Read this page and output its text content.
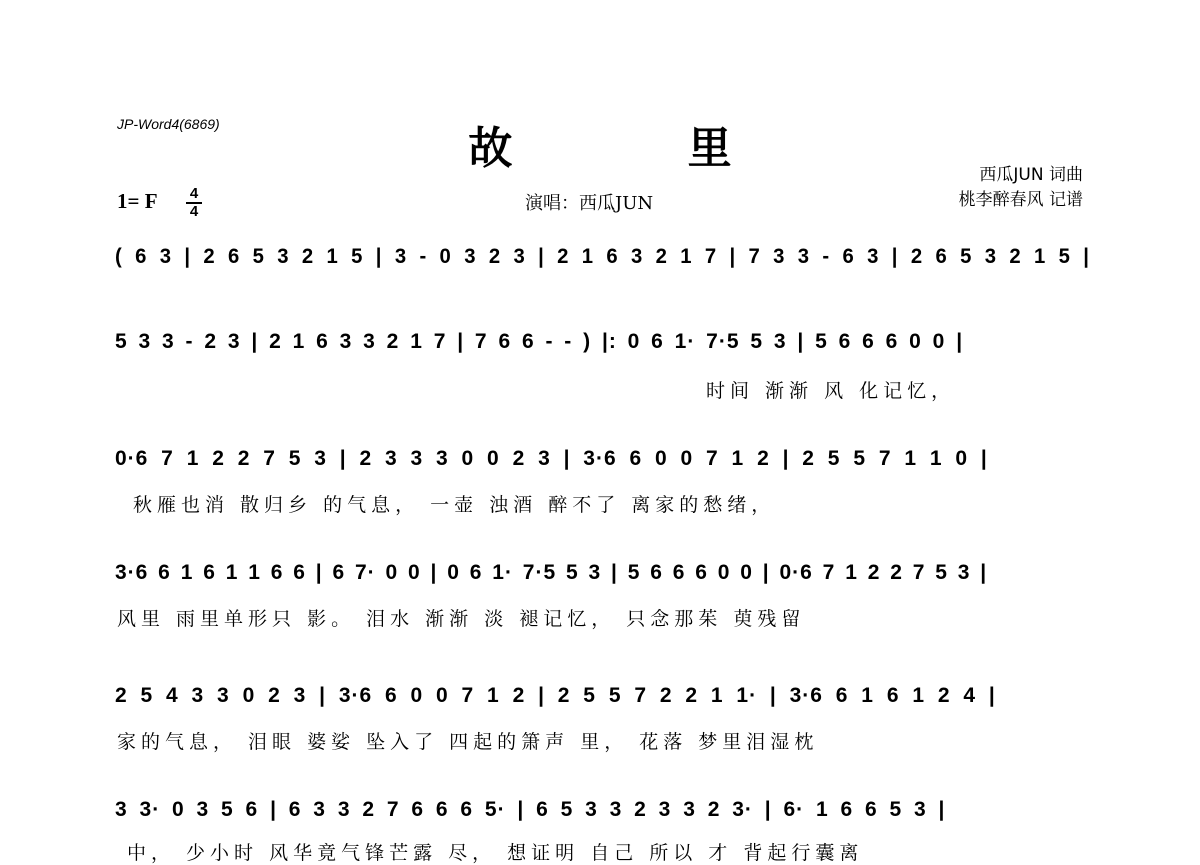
JP-Word4(6869)	故 里
西瓜JUN 词曲
桃李醉春风 记谱
1= F	4
4	演唱：西瓜JUN
( 6 3 | 2 6 5 3 2 1 5 | 3 - 0 3 2 3 | 2 1 6 3 2 1 7 | 7 3 3 - 6 3 | 2 6 5 3 2 1 5 |
5 3 3 - 2 3 | 2 1 6 3 3 2 1 7 | 7 6 6 - - ) |: 0 6 1· 7·5 5 3 | 5 6 6 6 0 0 |
时间 渐渐 风 化记忆，
0·6 7 1 2 2 7 5 3 | 2 3 3 3 0 0 2 3 | 3·6 6 0 0 7 1 2 | 2 5 5 7 1 1 0 |
秋雁也消 散归乡 的气息， 一壶 浊酒 醉不了 离家的愁绪，
3·6 6 1 6 1 1 6 6 | 6 7· 0 0 | 0 6 1· 7·5 5 3 | 5 6 6 6 0 0 | 0·6 7 1 2 2 7 5 3 |
风里 雨里单形只 影。 泪水 渐渐 淡 褪记忆， 只念那茱 萸残留
2 5 4 3 3 0 2 3 | 3·6 6 0 0 7 1 2 | 2 5 5 7 2 2 1 1· | 3·6 6 1 6 1 2 4 |
家的气息， 泪眼 婆娑 坠入了 四起的箫声 里， 花落 梦里泪湿枕
3 3· 0 3 5 6 | 6 3 3 2 7 6 6 6 5· | 6 5 3 3 2 3 3 2 3· | 6· 1 6 6 5 3 |
中， 少小时 风华竟气锋芒露 尽， 想证明 自己 所以 才 背起行囊离
